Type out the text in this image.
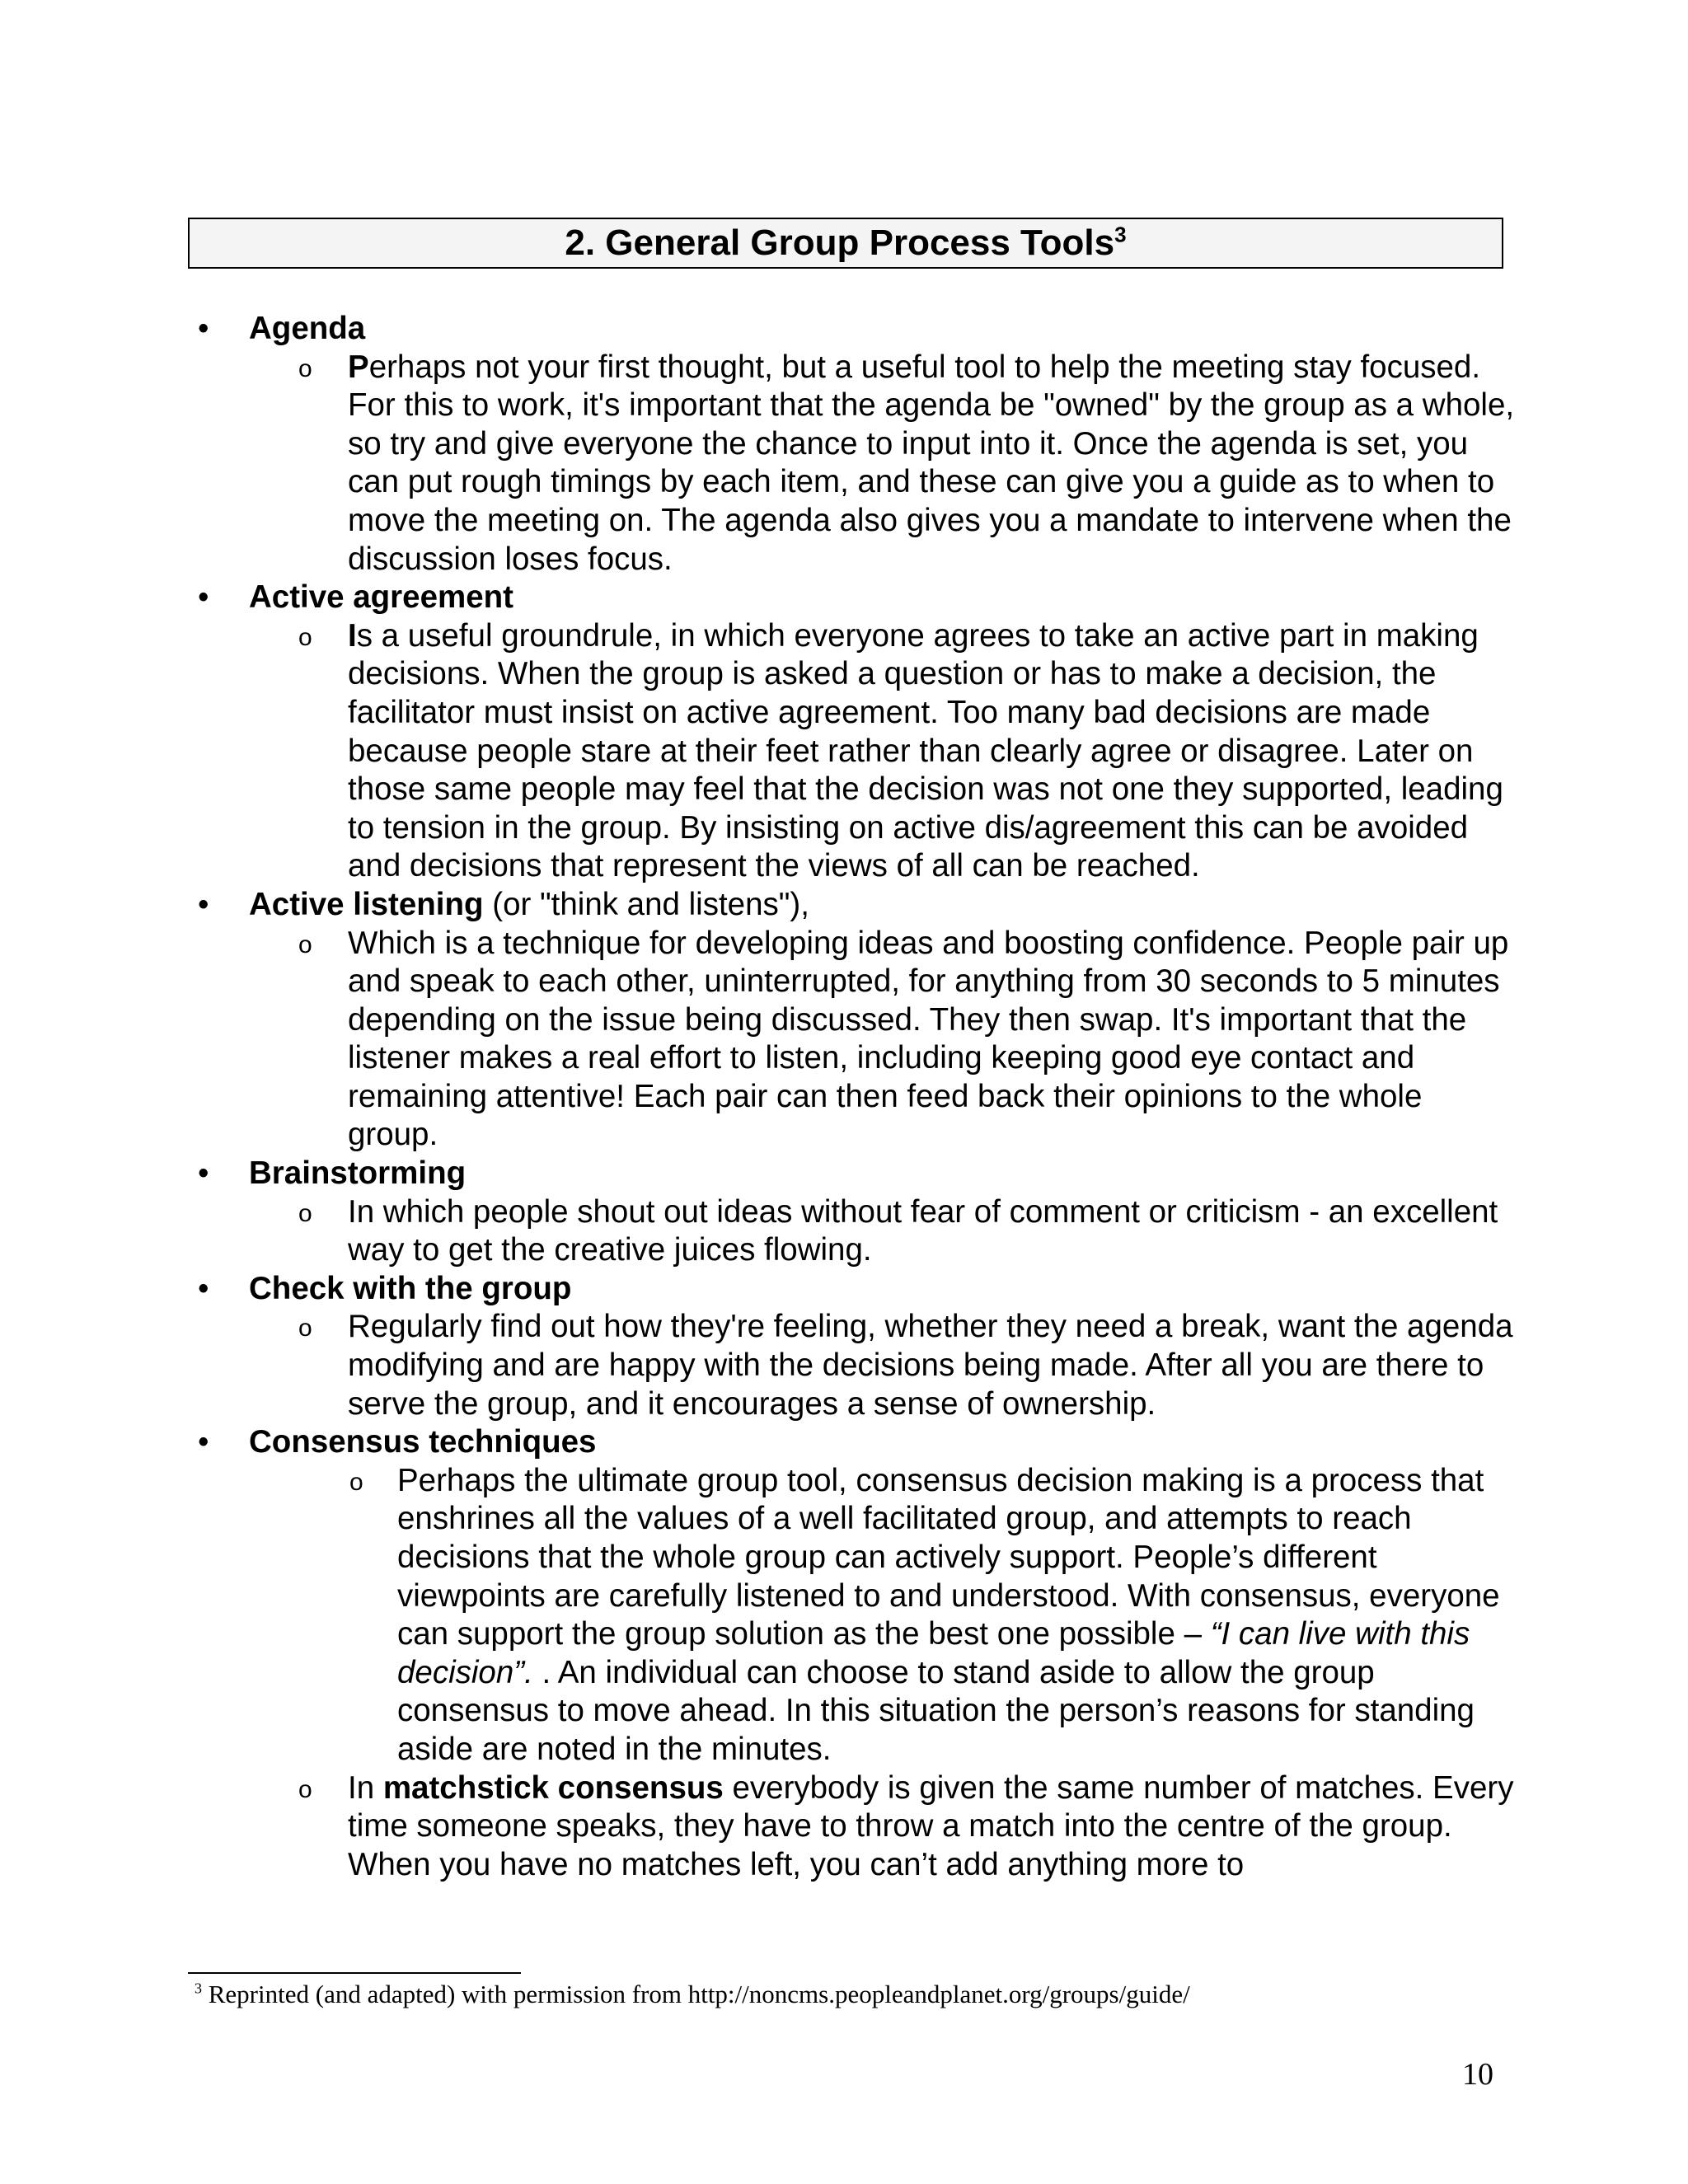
2. General Group Process Tools$^3$
•	Agenda
o Perhaps not your first thought, but a useful tool to help the meeting stay focused. For this to work, it's important that the agenda be "owned" by the group as a whole, so try and give everyone the chance to input into it. Once the agenda is set, you can put rough timings by each item, and these can give you a guide as to when to move the meeting on. The agenda also gives you a mandate to intervene when the discussion loses focus.
•	Active agreement
o Is a useful groundrule, in which everyone agrees to take an active part in making decisions. When the group is asked a question or has to make a decision, the facilitator must insist on active agreement. Too many bad decisions are made because people stare at their feet rather than clearly agree or disagree. Later on those same people may feel that the decision was not one they supported, leading to tension in the group. By insisting on active dis/agreement this can be avoided and decisions that represent the views of all can be reached.
•	Active listening (or "think and listens"),
o Which is a technique for developing ideas and boosting confidence. People pair up and speak to each other, uninterrupted, for anything from 30 seconds to 5 minutes depending on the issue being discussed. They then swap. It's important that the listener makes a real effort to listen, including keeping good eye contact and remaining attentive! Each pair can then feed back their opinions to the whole group.
•	Brainstorming
o In which people shout out ideas without fear of comment or criticism - an excellent way to get the creative juices flowing.
•	Check with the group
o Regularly find out how they're feeling, whether they need a break, want the agenda modifying and are happy with the decisions being made. After all you are there to serve the group, and it encourages a sense of ownership.
•	Consensus techniques
o Perhaps the ultimate group tool, consensus decision making is a process that enshrines all the values of a well facilitated group, and attempts to reach decisions that the whole group can actively support. People’s different viewpoints are carefully listened to and understood. With consensus, everyone can support the group solution as the best one possible – “I can live with this decision”. . An individual can choose to stand aside to allow the group consensus to move ahead. In this situation the person’s reasons for standing aside are noted in the minutes.
o In matchstick consensus everybody is given the same number of matches. Every time someone speaks, they have to throw a match into the centre of the group. When you have no matches left, you can’t add anything more to
$^3$ Reprinted (and adapted) with permission from http://noncms.peopleandplanet.org/groups/guide/
10
